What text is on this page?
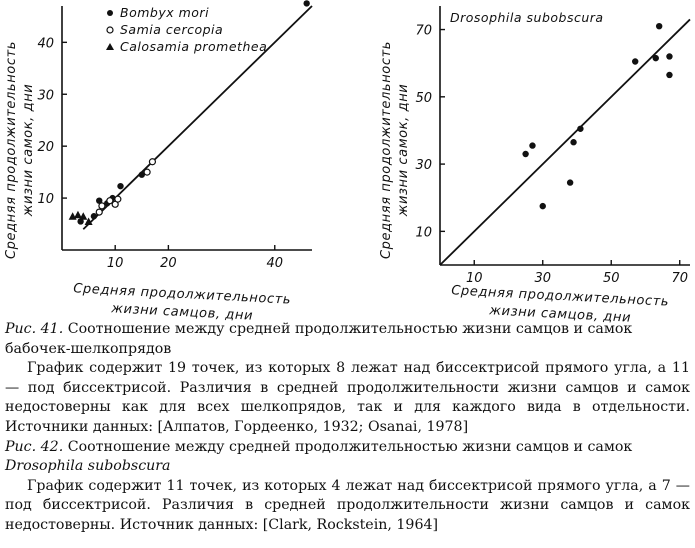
10	20	40
10
20
30
40
Bombyx mori
Samia cercopia
Calosamia promethea
Средняя продолжительность жизни самок, дни
Средняя продолжительность
жизни самцов, дни
10	30	50	70
10
30
50
70
Drosophila subobscura
Средняя продолжительность жизни самок, дни
Средняя продолжительность
жизни самцов, дни

Рис. 41. Соотношение между средней продолжительностью жизни самцов и самок бабочек-шелкопрядов

График содержит 19 точек, из которых 8 лежат над биссектрисой прямого угла, а 11 — под биссектрисой. Различия в средней продолжительности жизни самцов и самок недостоверны как для всех шелкопрядов, так и для каждого вида в отдельности. Источники данных: [Алпатов, Гордеенко, 1932; Osanai, 1978]

Рис. 42. Соотношение между средней продолжительностью жизни самцов и самок Drosophila subobscura

График содержит 11 точек, из которых 4 лежат над биссектрисой прямого угла, а 7 — под биссектрисой. Различия в средней продолжительности жизни самцов и самок недостоверны. Источник данных: [Clark, Rockstein, 1964]
